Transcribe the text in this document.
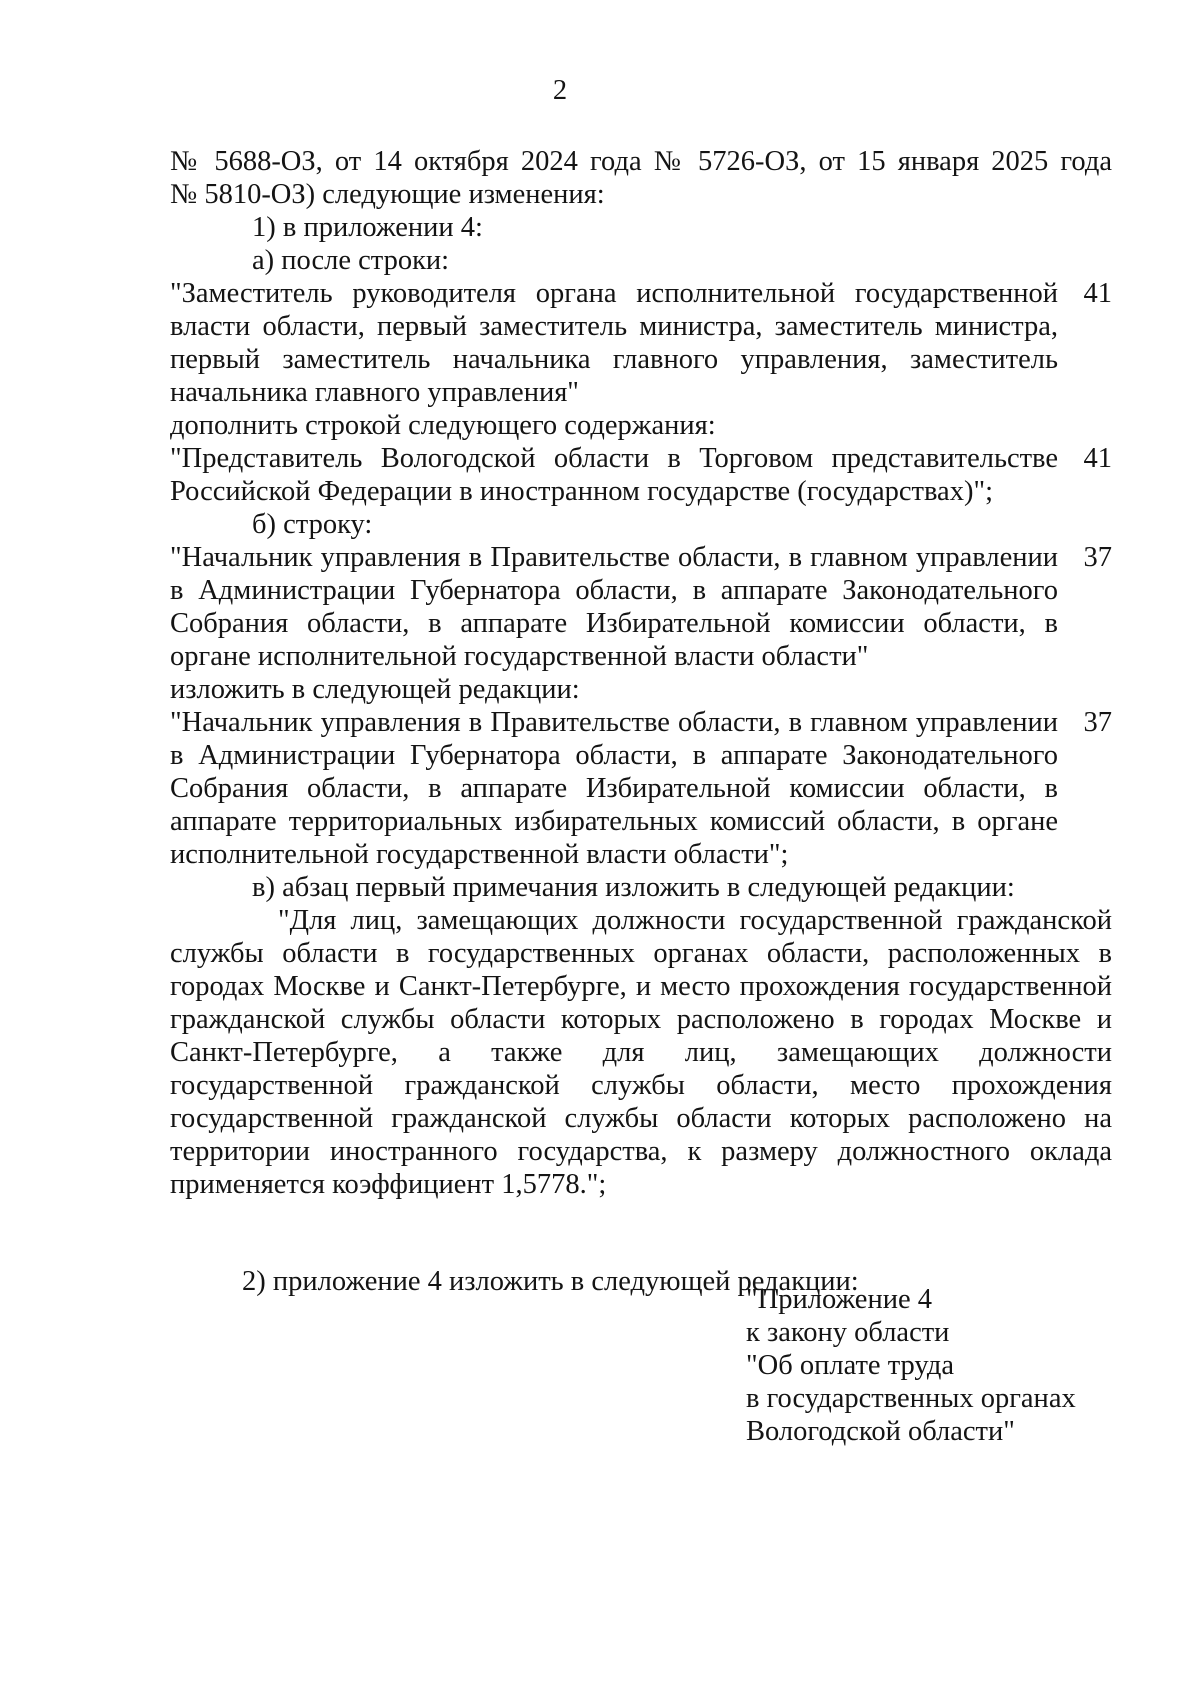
2
№ 5688-ОЗ, от 14 октября 2024 года № 5726-ОЗ, от 15 января 2025 года
№ 5810-ОЗ) следующие изменения:
1) в приложении 4:
а) после строки:
"Заместитель руководителя органа исполнительной государственной
власти области, первый заместитель министра, заместитель министра,
первый заместитель начальника главного управления, заместитель
начальника главного управления"
41
дополнить строкой следующего содержания:
"Представитель Вологодской области в Торговом представительстве
Российской Федерации в иностранном государстве (государствах)";
41
б) строку:
"Начальник управления в Правительстве области, в главном управлении
в Администрации Губернатора области, в аппарате Законодательного
Собрания области, в аппарате Избирательной комиссии области, в
органе исполнительной государственной власти области"
37
изложить в следующей редакции:
"Начальник управления в Правительстве области, в главном управлении
в Администрации Губернатора области, в аппарате Законодательного
Собрания области, в аппарате Избирательной комиссии области, в
аппарате территориальных избирательных комиссий области, в органе
исполнительной государственной власти области";
37
в) абзац первый примечания изложить в следующей редакции:
"Для лиц, замещающих должности государственной гражданской
службы области в государственных органах области, расположенных в
городах Москве и Санкт-Петербурге, и место прохождения государственной
гражданской службы области которых расположено в городах Москве и
Санкт-Петербурге, а также для лиц, замещающих должности
государственной гражданской службы области, место прохождения
государственной гражданской службы области которых расположено на
территории иностранного государства, к размеру должностного оклада
применяется коэффициент 1,5778.";
2) приложение 4 изложить в следующей редакции:
"Приложение 4
к закону области
"Об оплате труда
в государственных органах
Вологодской области"
